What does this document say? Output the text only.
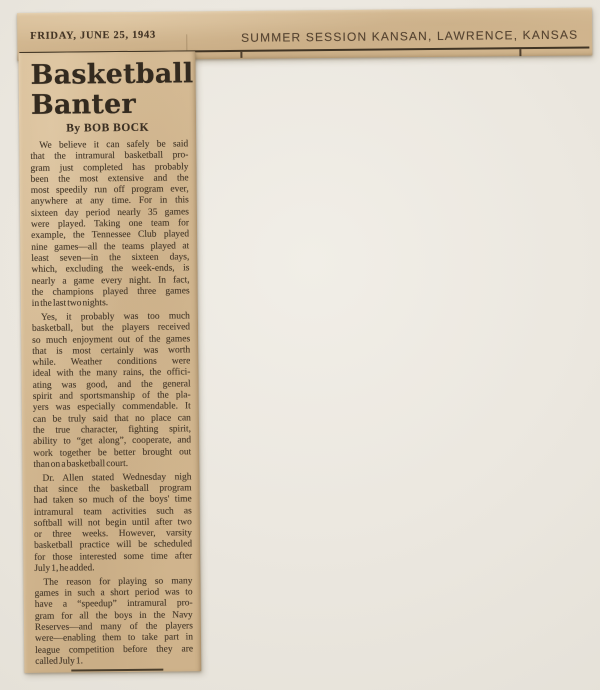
FRIDAY, JUNE 25, 1943	SUMMER SESSION KANSAN, LAWRENCE, KANSAS
Basketball
Banter
By BOB BOCK
We believe it can safely be said
that the intramural basketball pro-
gram just completed has probably
been the most extensive and the
most speedily run off program ever,
anywhere at any time. For in this
sixteen day period nearly 35 games
were played. Taking one team for
example, the Tennessee Club played
nine games—all the teams played at
least seven—in the sixteen days,
which, excluding the week-ends, is
nearly a game every night. In fact,
the champions played three games
in the last two nights.
Yes, it probably was too much
basketball, but the players received
so much enjoyment out of the games
that is most certainly was worth
while. Weather conditions were
ideal with the many rains, the offici-
ating was good, and the general
spirit and sportsmanship of the pla-
yers was especially commendable. It
can be truly said that no place can
the true character, fighting spirit,
ability to “get along”, cooperate, and
work together be better brought out
than on a basketball court.
Dr. Allen stated Wednesday nigh
that since the basketball program
had taken so much of the boys' time
intramural team activities such as
softball will not begin until after two
or three weeks. However, varsity
basketball practice will be scheduled
for those interested some time after
July 1, he added.
The reason for playing so many
games in such a short period was to
have a “speedup” intramural pro-
gram for all the boys in the Navy
Reserves—and many of the players
were—enabling them to take part in
league competition before they are
called July 1.
